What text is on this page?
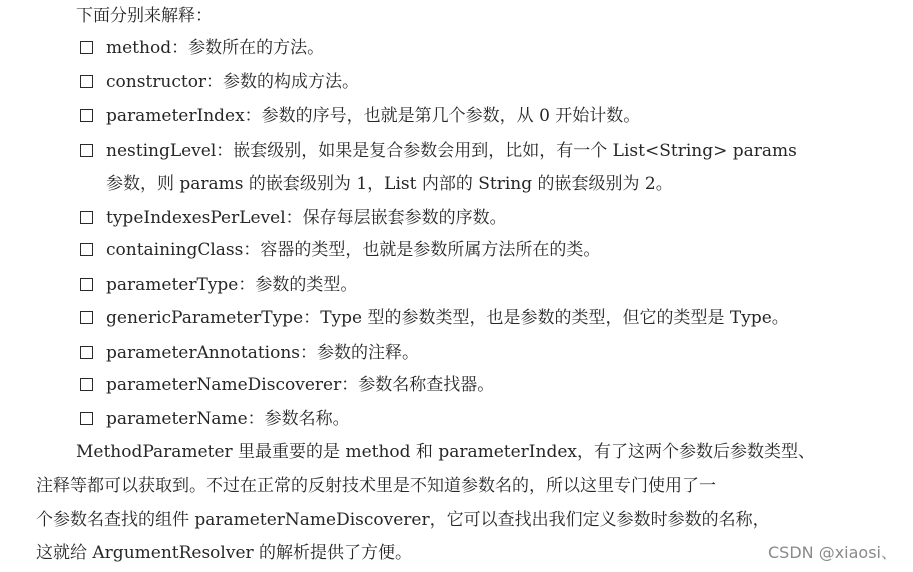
下面分别来解释：
method：参数所在的方法。
constructor：参数的构成方法。
parameterIndex：参数的序号，也就是第几个参数，从 0 开始计数。
nestingLevel：嵌套级别，如果是复合参数会用到，比如，有一个 List<String> params
参数，则 params 的嵌套级别为 1，List 内部的 String 的嵌套级别为 2。
typeIndexesPerLevel：保存每层嵌套参数的序数。
containingClass：容器的类型，也就是参数所属方法所在的类。
parameterType：参数的类型。
genericParameterType：Type 型的参数类型，也是参数的类型，但它的类型是 Type。
parameterAnnotations：参数的注释。
parameterNameDiscoverer：参数名称查找器。
parameterName：参数名称。
MethodParameter 里最重要的是 method 和 parameterIndex，有了这两个参数后参数类型、
注释等都可以获取到。不过在正常的反射技术里是不知道参数名的，所以这里专门使用了一
个参数名查找的组件 parameterNameDiscoverer，它可以查找出我们定义参数时参数的名称，
这就给 ArgumentResolver 的解析提供了方便。	CSDN @xiaosi、
